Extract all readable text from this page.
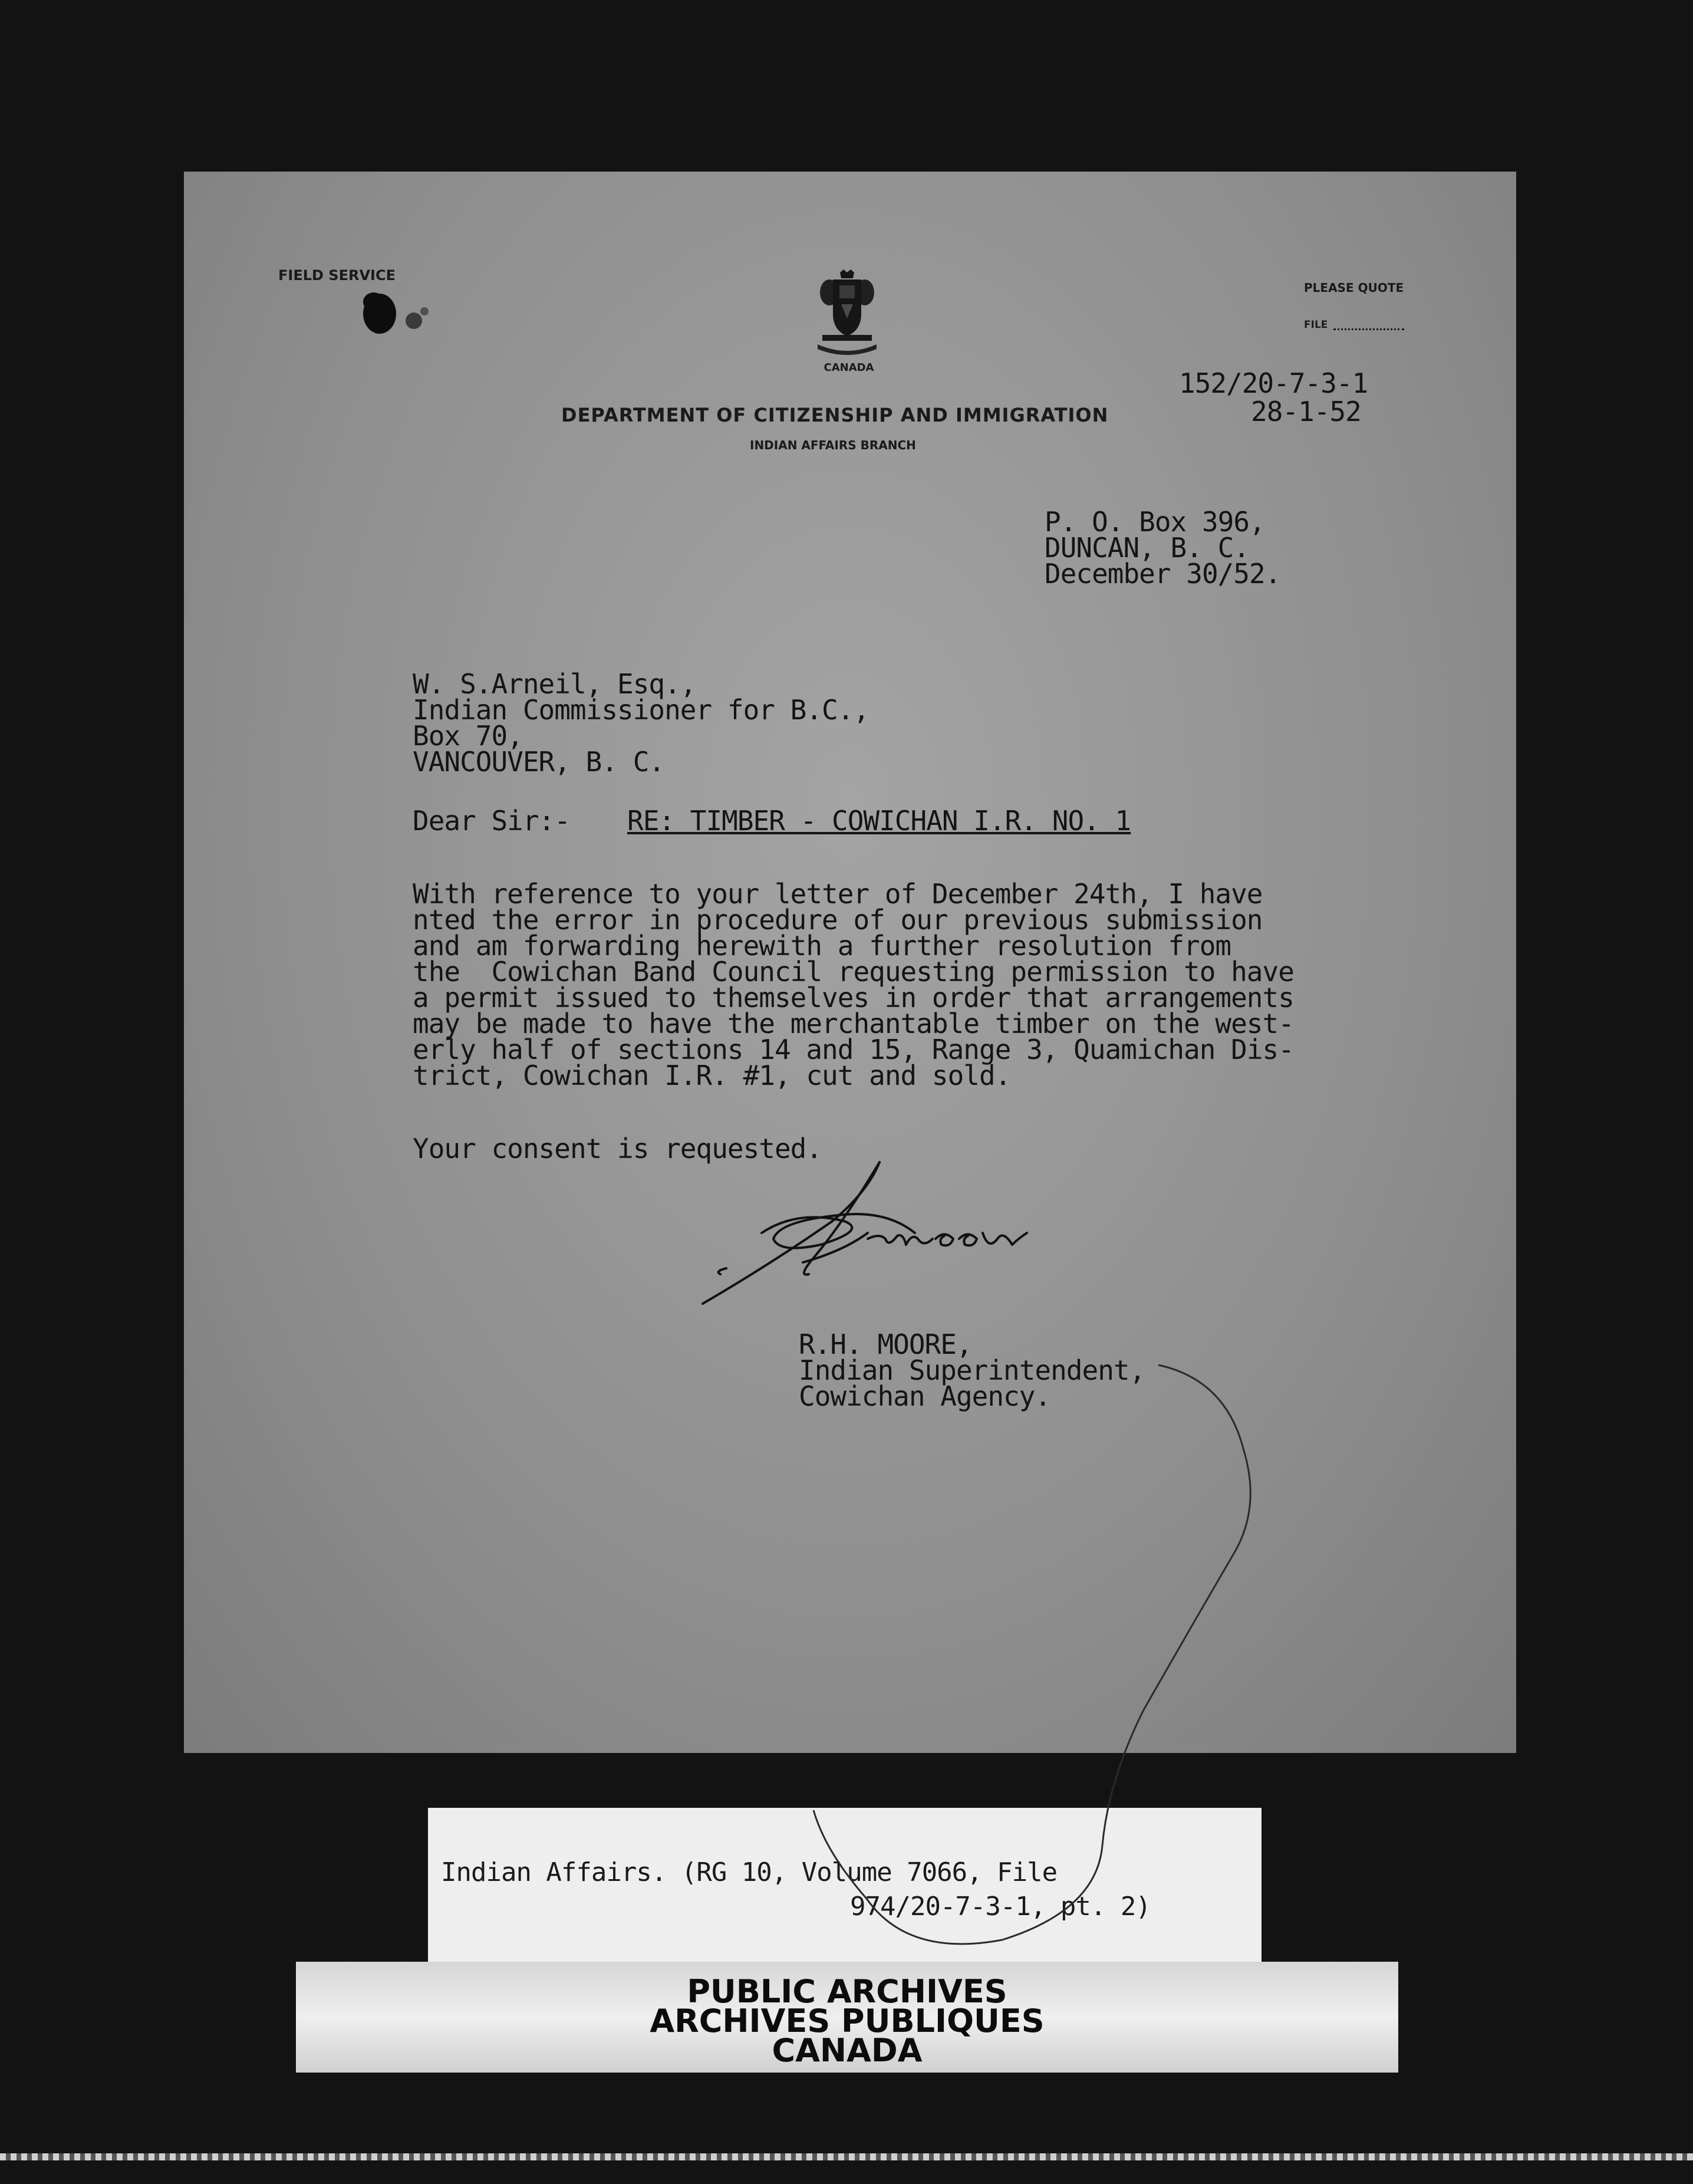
FIELD SERVICE
CANADA
DEPARTMENT OF CITIZENSHIP AND IMMIGRATION
INDIAN AFFAIRS BRANCH
PLEASE QUOTE
FILE
152/20-7-3-1
28-1-52
P. O. Box 396,
DUNCAN, B. C.
December 30/52.
W. S.Arneil, Esq.,
Indian Commissioner for B.C.,
Box 70,
VANCOUVER, B. C.
Dear Sir:- RE: TIMBER - COWICHAN I.R. NO. 1
With reference to your letter of December 24th, I have
nted the error in procedure of our previous submission
and am forwarding herewith a further resolution from
the  Cowichan Band Council requesting permission to have
a permit issued to themselves in order that arrangements
may be made to have the merchantable timber on the west-
erly half of sections 14 and 15, Range 3, Quamichan Dis-
trict, Cowichan I.R. #1, cut and sold.
Your consent is requested.
R.H. MOORE,
Indian Superintendent,
Cowichan Agency.

Indian Affairs. (RG 10, Volume 7066, File

974/20-7-3-1, pt. 2)

PUBLIC ARCHIVES

ARCHIVES PUBLIQUES

CANADA
